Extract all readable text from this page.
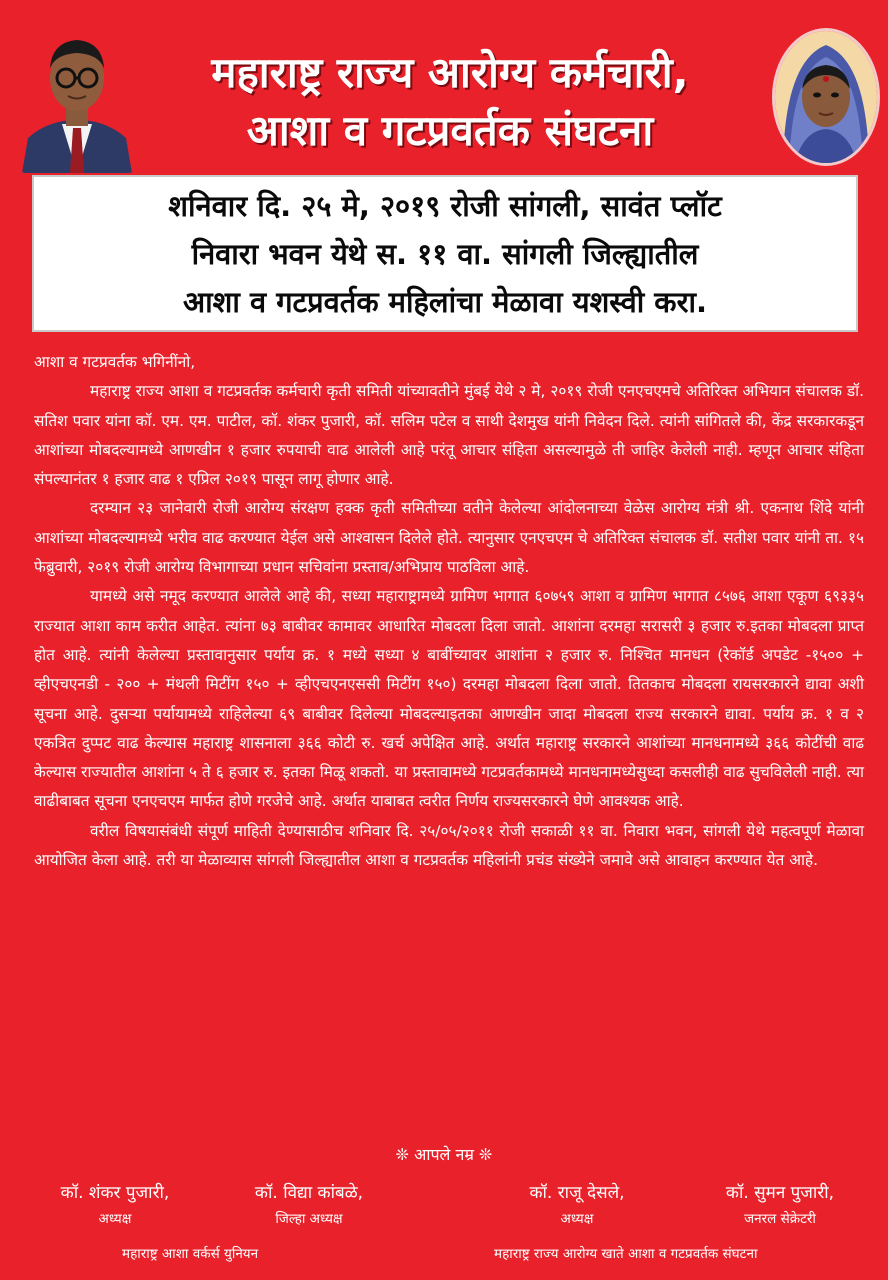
महाराष्ट्र राज्य आरोग्य कर्मचारी,
आशा व गटप्रवर्तक संघटना

शनिवार दि. २५ मे, २०१९ रोजी सांगली, सावंत प्लॉट
निवारा भवन येथे स. ११ वा. सांगली जिल्ह्यातील
आशा व गटप्रवर्तक महिलांचा मेळावा यशस्वी करा.

आशा व गटप्रवर्तक भगिनींनो,

महाराष्ट्र राज्य आशा व गटप्रवर्तक कर्मचारी कृती समिती यांच्यावतीने मुंबई येथे २ मे, २०१९ रोजी एनएचएमचे अतिरिक्त अभियान संचालक डॉ. सतिश पवार यांना कॉ. एम. एम. पाटील, कॉ. शंकर पुजारी, कॉ. सलिम पटेल व साथी देशमुख यांनी निवेदन दिले. त्यांनी सांगितले की, केंद्र सरकारकडून आशांच्या मोबदल्यामध्ये आणखीन १ हजार रुपयाची वाढ आलेली आहे परंतू आचार संहिता असल्यामुळे ती जाहिर केलेली नाही. म्हणून आचार संहिता संपल्यानंतर १ हजार वाढ १ एप्रिल २०१९ पासून लागू होणार आहे.

दरम्यान २३ जानेवारी रोजी आरोग्य संरक्षण हक्क कृती समितीच्या वतीने केलेल्या आंदोलनाच्या वेळेस आरोग्य मंत्री श्री. एकनाथ शिंदे यांनी आशांच्या मोबदल्यामध्ये भरीव वाढ करण्यात येईल असे आश्वासन दिलेले होते. त्यानुसार एनएचएम चे अतिरिक्त संचालक डॉ. सतीश पवार यांनी ता. १५ फेब्रुवारी, २०१९ रोजी आरोग्य विभागाच्या प्रधान सचिवांना प्रस्ताव/अभिप्राय पाठविला आहे.

यामध्ये असे नमूद करण्यात आलेले आहे की, सध्या महाराष्ट्रामध्ये ग्रामिण भागात ६०७५९ आशा व ग्रामिण भागात ८५७६ आशा एकूण ६९३३५ राज्यात आशा काम करीत आहेत. त्यांना ७३ बाबीवर कामावर आधारित मोबदला दिला जातो. आशांना दरमहा सरासरी ३ हजार रु.इतका मोबदला प्राप्त होत आहे. त्यांनी केलेल्या प्रस्तावानुसार पर्याय क्र. १ मध्ये सध्या ४ बाबींच्यावर आशांना २ हजार रु. निश्चित मानधन (रेकॉर्ड अपडेट -१५०० + व्हीएचएनडी - २०० + मंथली मिटींग १५० + व्हीएचएनएससी मिटींग १५०) दरमहा मोबदला दिला जातो. तितकाच मोबदला रायसरकारने द्यावा अशी सूचना आहे. दुसऱ्या पर्यायामध्ये राहिलेल्या ६९ बाबीवर दिलेल्या मोबदल्याइतका आणखीन जादा मोबदला राज्य सरकारने द्यावा. पर्याय क्र. १ व २ एकत्रित दुप्पट वाढ केल्यास महाराष्ट्र शासनाला ३६६ कोटी रु. खर्च अपेक्षित आहे. अर्थात महाराष्ट्र सरकारने आशांच्या मानधनामध्ये ३६६ कोटींची वाढ केल्यास राज्यातील आशांना ५ ते ६ हजार रु. इतका मिळू शकतो. या प्रस्तावामध्ये गटप्रवर्तकामध्ये मानधनामध्येसुध्दा कसलीही वाढ सुचविलेली नाही. त्या वाढीबाबत सूचना एनएचएम मार्फत होणे गरजेचे आहे. अर्थात याबाबत त्वरीत निर्णय राज्यसरकारने घेणे आवश्यक आहे.

वरील विषयासंबंधी संपूर्ण माहिती देण्यासाठीच शनिवार दि. २५/०५/२०११ रोजी सकाळी ११ वा. निवारा भवन, सांगली येथे महत्वपूर्ण मेळावा आयोजित केला आहे. तरी या मेळाव्यास सांगली जिल्ह्यातील आशा व गटप्रवर्तक महिलांनी प्रचंड संख्येने जमावे असे आवाहन करण्यात येत आहे.

❊ आपले नम्र ❊
कॉ. शंकर पुजारी,
अध्यक्ष
कॉ. विद्या कांबळे,
जिल्हा अध्यक्ष
कॉ. राजू देसले,
अध्यक्ष
कॉ. सुमन पुजारी,
जनरल सेक्रेटरी
महाराष्ट्र आशा वर्कर्स युनियन	महाराष्ट्र राज्य आरोग्य खाते आशा व गटप्रवर्तक संघटना
